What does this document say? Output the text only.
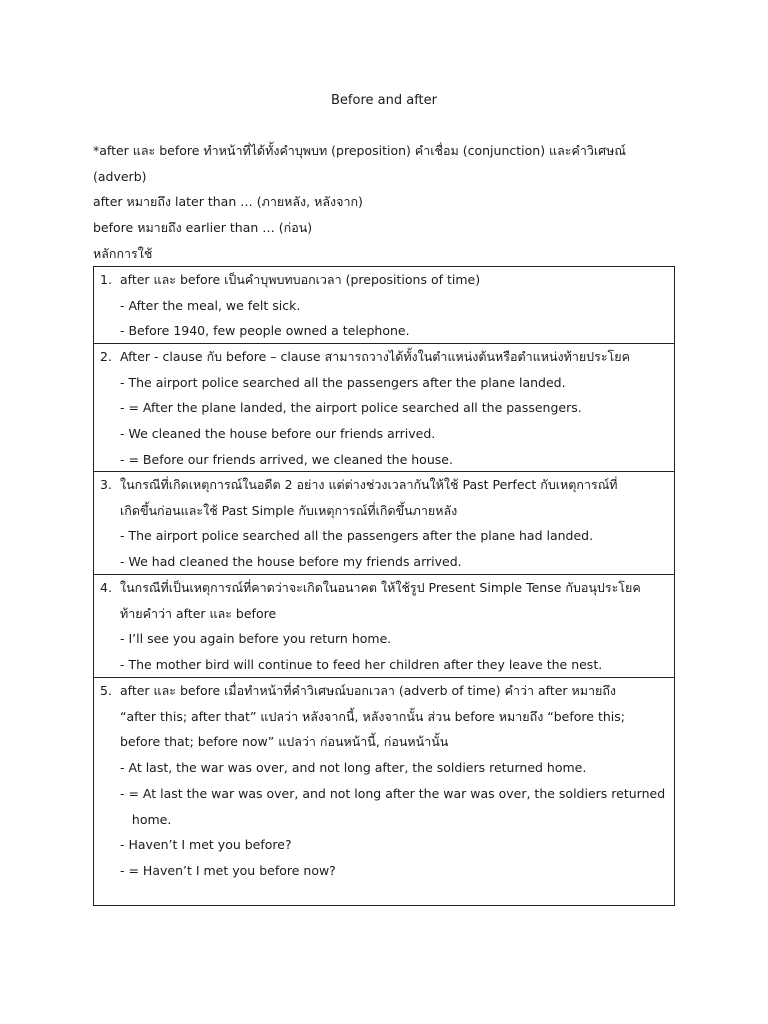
Before and after

*after และ before ทำหน้าที่ได้ทั้งคำบุพบท (preposition) คำเชื่อม (conjunction) และคำวิเศษณ์

(adverb)

after หมายถึง later than … (ภายหลัง, หลังจาก)

before หมายถึง earlier than … (ก่อน)

หลักการใช้

1. after และ before เป็นคำบุพบทบอกเวลา (prepositions of time)
- After the meal, we felt sick.
- Before 1940, few people owned a telephone.
2. After - clause กับ before – clause สามารถวางได้ทั้งในตำแหน่งต้นหรือตำแหน่งท้ายประโยค
- The airport police searched all the passengers after the plane landed.
- = After the plane landed, the airport police searched all the passengers.
- We cleaned the house before our friends arrived.
- = Before our friends arrived, we cleaned the house.
3. ในกรณีที่เกิดเหตุการณ์ในอดีต 2 อย่าง แต่ต่างช่วงเวลากันให้ใช้ Past Perfect กับเหตุการณ์ที่
เกิดขึ้นก่อนและใช้ Past Simple กับเหตุการณ์ที่เกิดขึ้นภายหลัง
- The airport police searched all the passengers after the plane had landed.
- We had cleaned the house before my friends arrived.
4. ในกรณีที่เป็นเหตุการณ์ที่คาดว่าจะเกิดในอนาคต ให้ใช้รูป Present Simple Tense กับอนุประโยค
ท้ายคำว่า after และ before
- I’ll see you again before you return home.
- The mother bird will continue to feed her children after they leave the nest.
5. after และ before เมื่อทำหน้าที่คำวิเศษณ์บอกเวลา (adverb of time) คำว่า after หมายถึง
“after this; after that” แปลว่า หลังจากนี้, หลังจากนั้น ส่วน before หมายถึง “before this;
before that; before now” แปลว่า ก่อนหน้านี้, ก่อนหน้านั้น
- At last, the war was over, and not long after, the soldiers returned home.
- = At last the war was over, and not long after the war was over, the soldiers returned
home.
- Haven’t I met you before?
- = Haven’t I met you before now?
